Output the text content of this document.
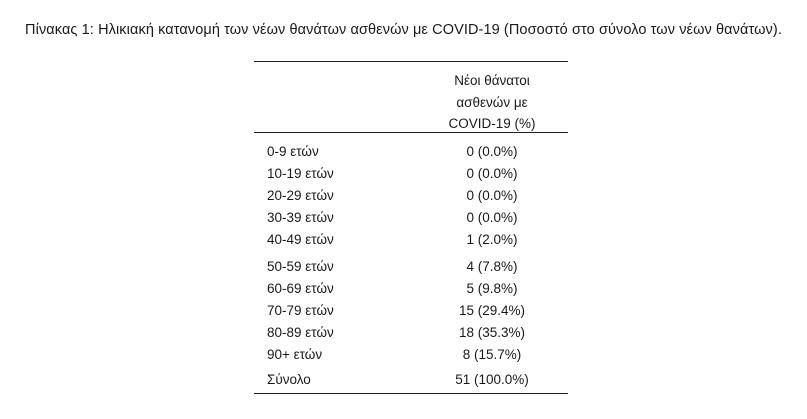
Πίνακας 1: Ηλικιακή κατανομή των νέων θανάτων ασθενών με COVID-19 (Ποσοστό στο σύνολο των νέων θανάτων).
Νέοι θάνατοι
ασθενών με
COVID-19 (%)
0-9 ετών	0 (0.0%)
10-19 ετών	0 (0.0%)
20-29 ετών	0 (0.0%)
30-39 ετών	0 (0.0%)
40-49 ετών	1 (2.0%)
50-59 ετών	4 (7.8%)
60-69 ετών	5 (9.8%)
70-79 ετών	15 (29.4%)
80-89 ετών	18 (35.3%)
90+ ετών	8 (15.7%)
Σύνολο	51 (100.0%)
